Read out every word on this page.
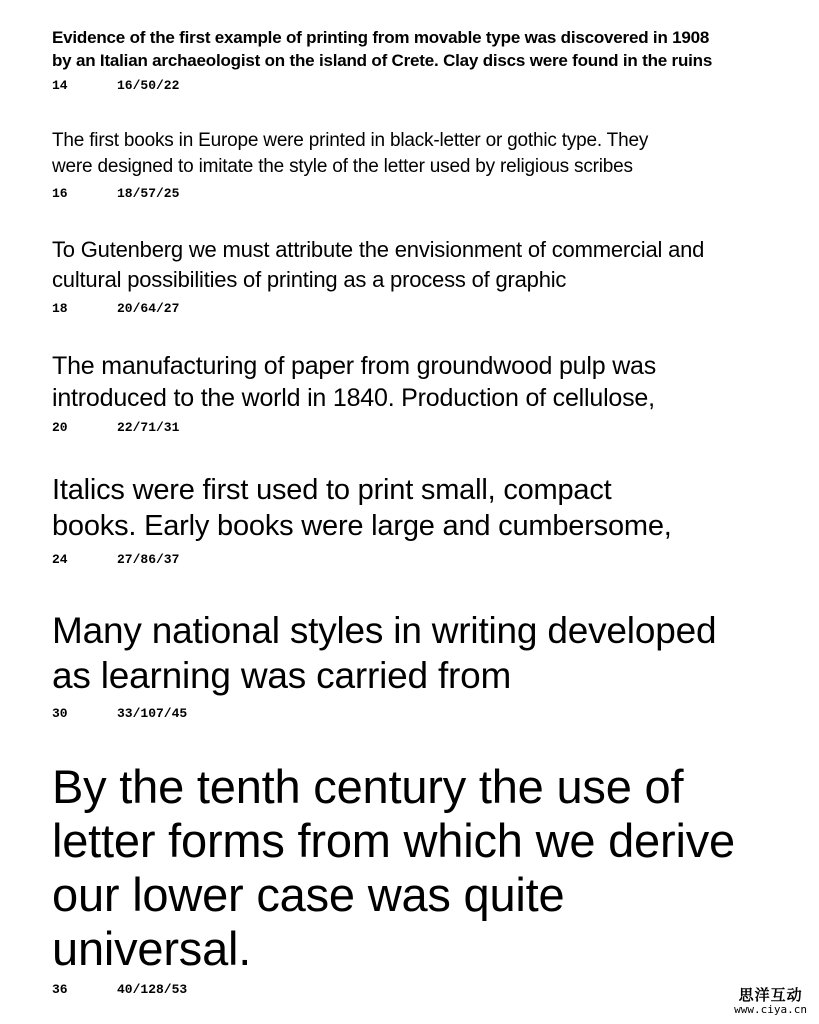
Evidence of the first example of printing from movable type was discovered in 1908
by an Italian archaeologist on the island of Crete. Clay discs were found in the ruins

14	16/50/22

The first books in Europe were printed in black-letter or gothic type. They
were designed to imitate the style of the letter used by religious scribes

16	18/57/25

To Gutenberg we must attribute the envisionment of commercial and
cultural possibilities of printing as a process of graphic

18	20/64/27

The manufacturing of paper from groundwood pulp was
introduced to the world in 1840. Production of cellulose,

20	22/71/31

Italics were first used to print small, compact
books. Early books were large and cumbersome,

24	27/86/37

Many national styles in writing developed
as learning was carried from

30	33/107/45

By the tenth century the use of
letter forms from which we derive
our lower case was quite
universal.

36	40/128/53	思洋互动
www.ciya.cn
